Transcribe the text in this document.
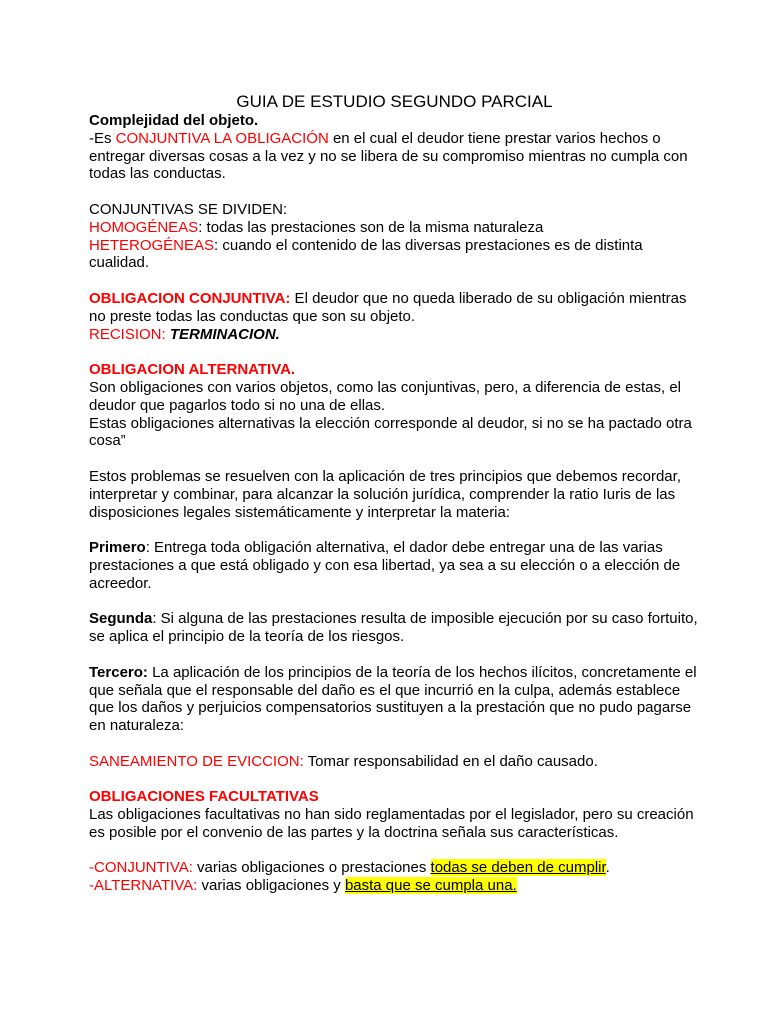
GUIA DE ESTUDIO SEGUNDO PARCIAL

Complejidad del objeto.

-Es CONJUNTIVA LA OBLIGACIÓN en el cual el deudor tiene prestar varios hechos o entregar diversas cosas a la vez y no se libera de su compromiso mientras no cumpla con todas las conductas.

CONJUNTIVAS SE DIVIDEN:

HOMOGÉNEAS: todas las prestaciones son de la misma naturaleza

HETEROGÉNEAS: cuando el contenido de las diversas prestaciones es de distinta cualidad.

OBLIGACION CONJUNTIVA: El deudor que no queda liberado de su obligación mientras no preste todas las conductas que son su objeto.

RECISION: TERMINACION.

OBLIGACION ALTERNATIVA.

Son obligaciones con varios objetos, como las conjuntivas, pero, a diferencia de estas, el deudor que pagarlos todo si no una de ellas.

Estas obligaciones alternativas la elección corresponde al deudor, si no se ha pactado otra cosa”

Estos problemas se resuelven con la aplicación de tres principios que debemos recordar, interpretar y combinar, para alcanzar la solución jurídica, comprender la ratio Iuris de las disposiciones legales sistemáticamente y interpretar la materia:

Primero: Entrega toda obligación alternativa, el dador debe entregar una de las varias prestaciones a que está obligado y con esa libertad, ya sea a su elección o a elección de acreedor.

Segunda: Si alguna de las prestaciones resulta de imposible ejecución por su caso fortuito, se aplica el principio de la teoría de los riesgos.

Tercero: La aplicación de los principios de la teoría de los hechos ilícitos, concretamente el que señala que el responsable del daño es el que incurrió en la culpa, además establece que los daños y perjuicios compensatorios sustituyen a la prestación que no pudo pagarse en naturaleza:

SANEAMIENTO DE EVICCION: Tomar responsabilidad en el daño causado.

OBLIGACIONES FACULTATIVAS

Las obligaciones facultativas no han sido reglamentadas por el legislador, pero su creación es posible por el convenio de las partes y la doctrina señala sus características.

-CONJUNTIVA: varias obligaciones o prestaciones todas se deben de cumplir.

-ALTERNATIVA: varias obligaciones y basta que se cumpla una.
